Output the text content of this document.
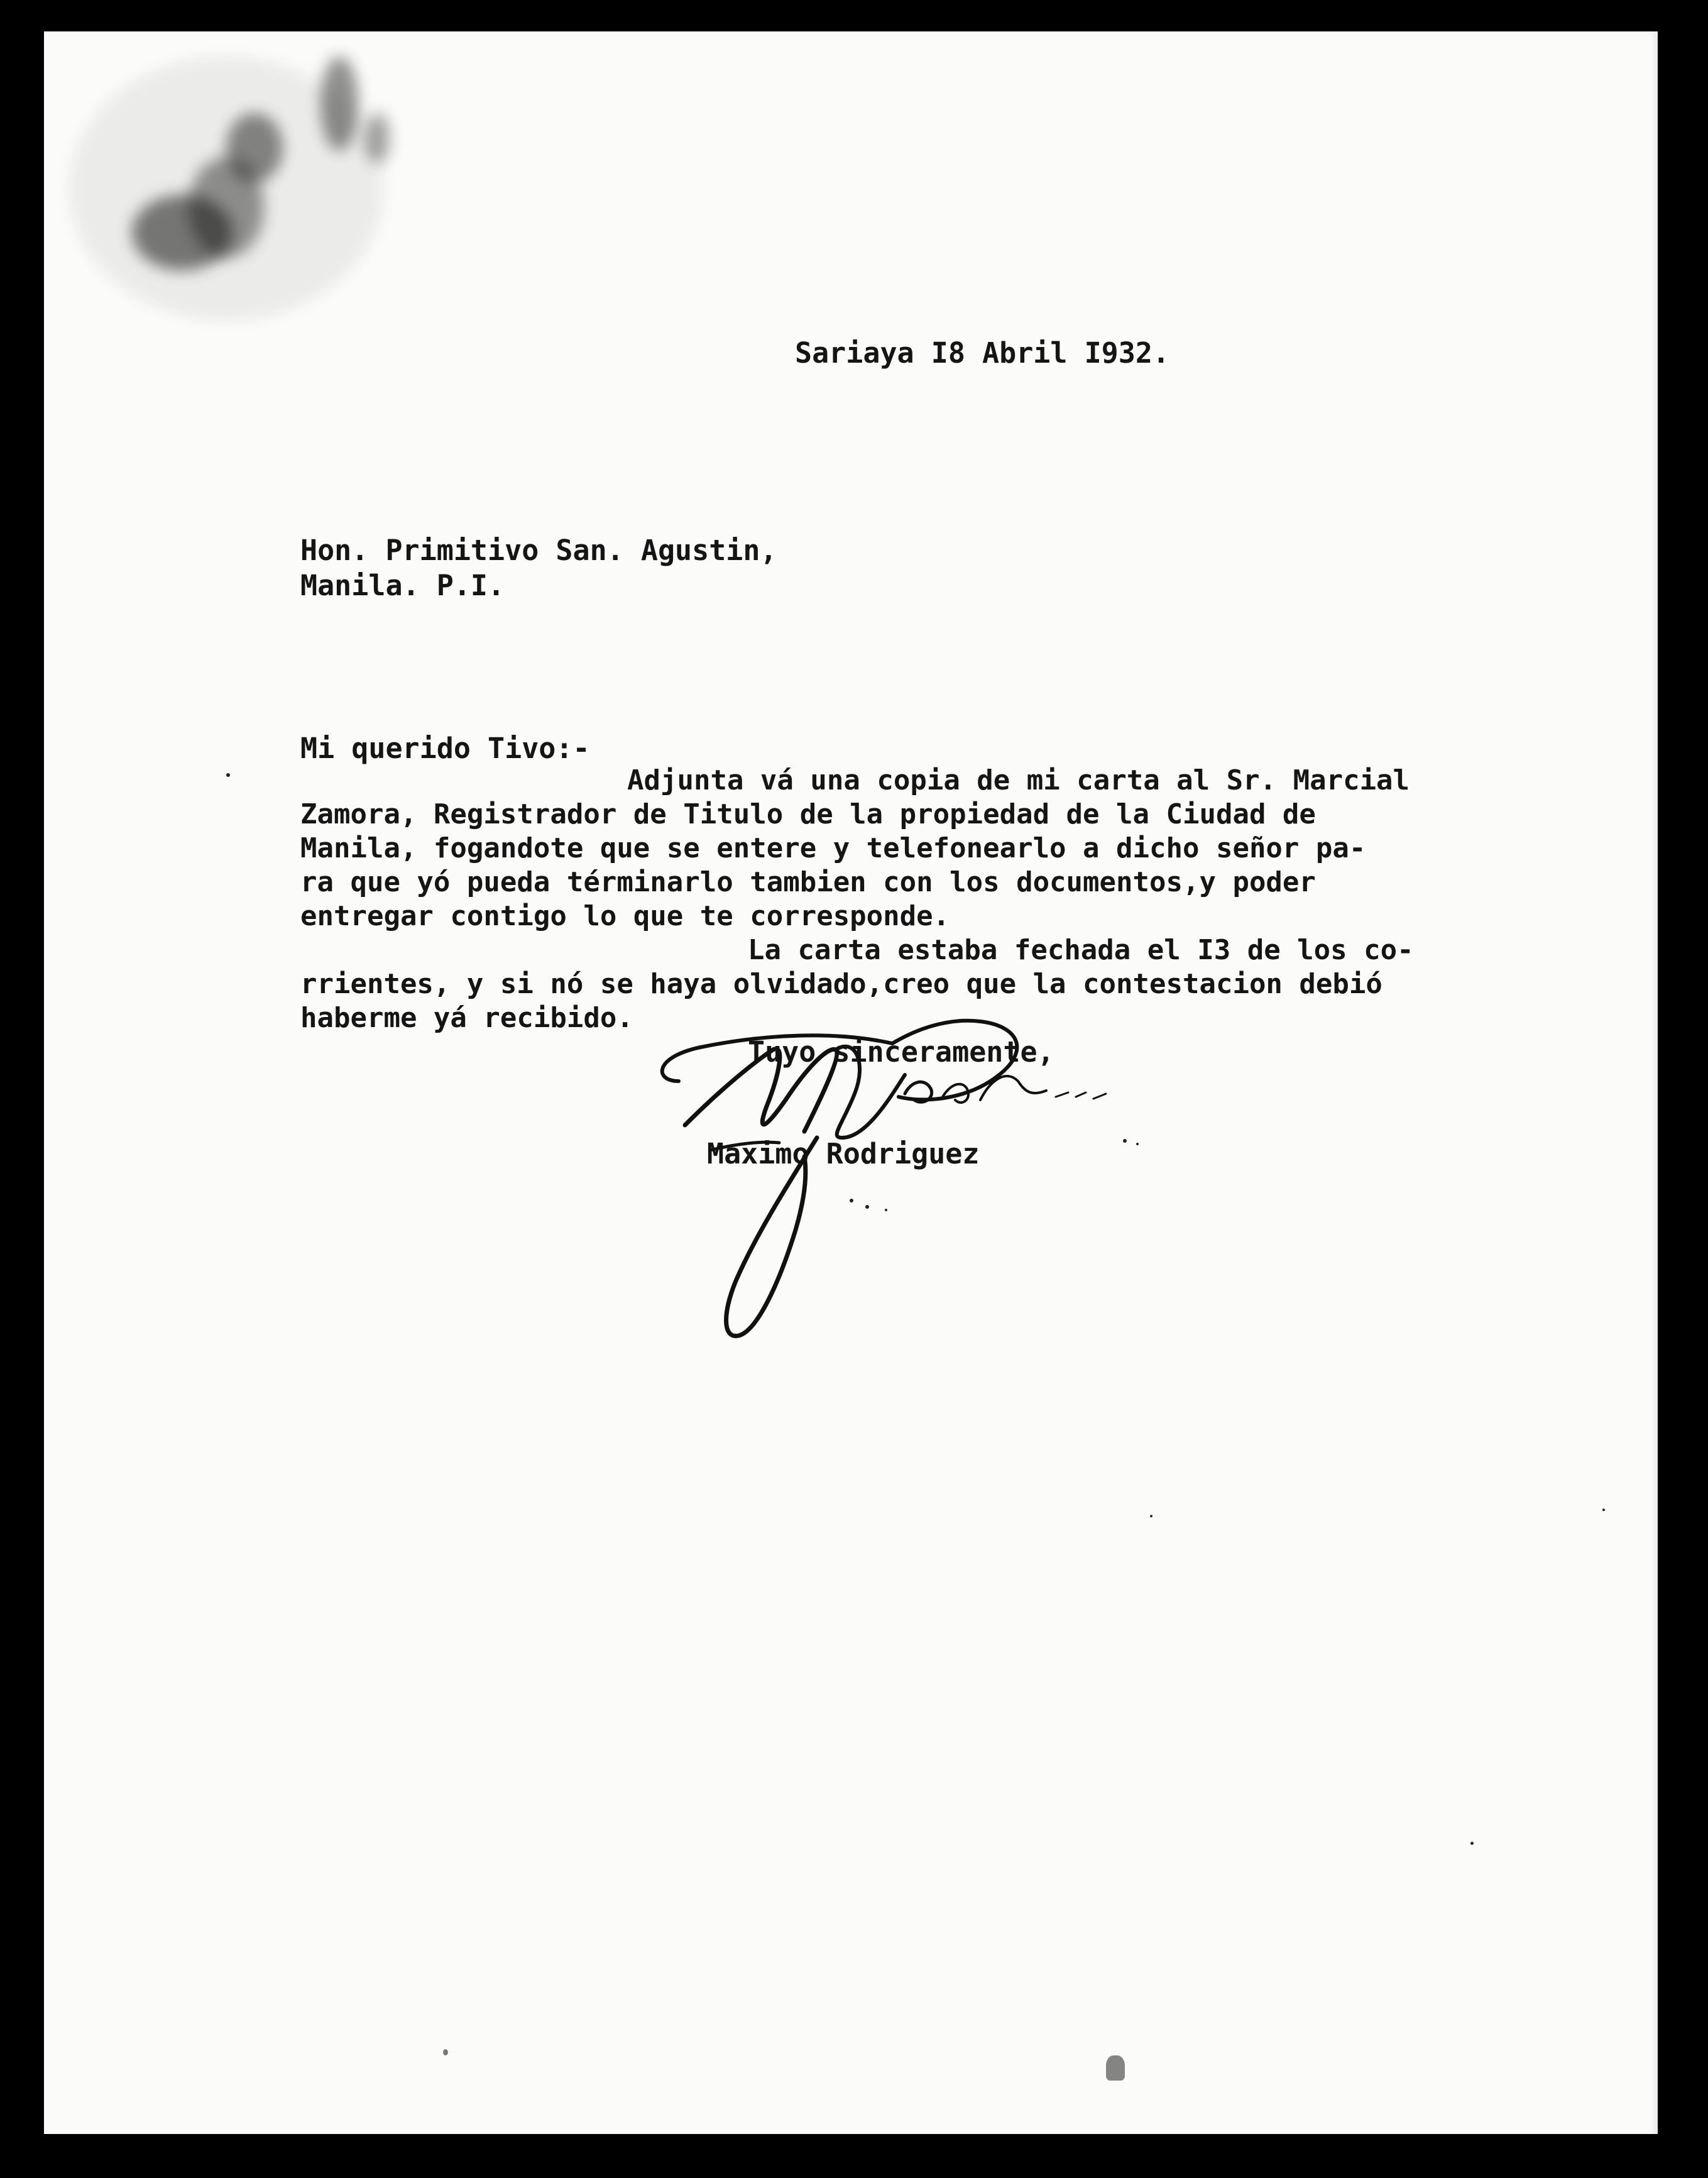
Sariaya I8 Abril I932.

Hon. Primitivo San. Agustin,

Manila. P.I.

Mi querido Tivo:-

Adjunta vá una copia de mi carta al Sr. Marcial

Zamora, Registrador de Titulo de la propiedad de la Ciudad de

Manila, fogandote que se entere y telefonearlo a dicho señor pa-

ra que yó pueda términarlo tambien con los documentos,y poder

entregar contigo lo que te corresponde.

La carta estaba fechada el I3 de los co-

rrientes, y si nó se haya olvidado,creo que la contestacion debió

haberme yá recibido.

Tuyo sinceramente,

Maximo Rodriguez
